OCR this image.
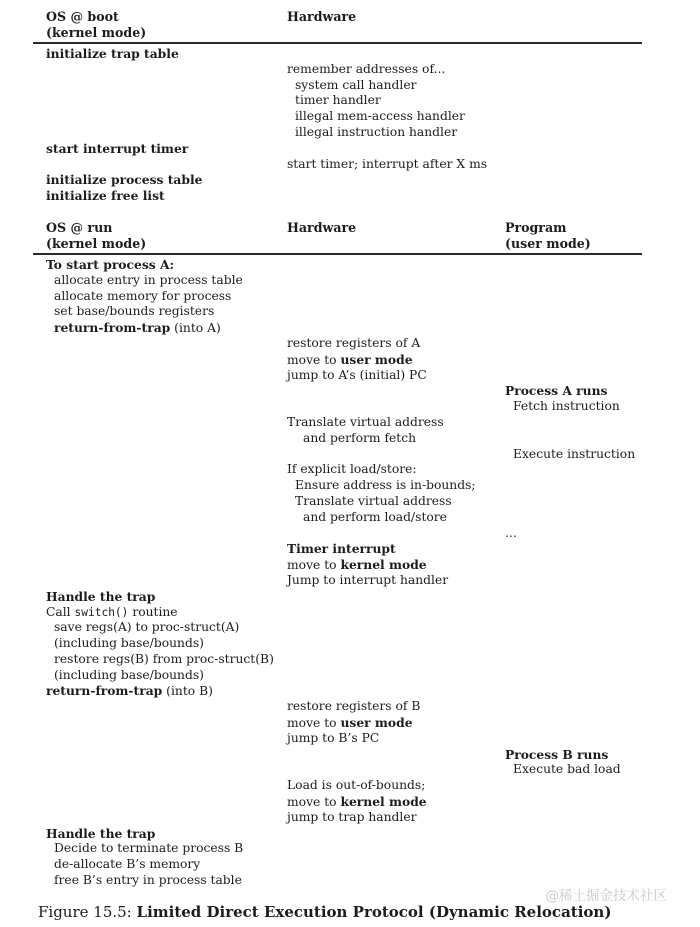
OS @ boot
(kernel mode)
Hardware
initialize trap table
remember addresses of...
system call handler
timer handler
illegal mem-access handler
illegal instruction handler
start interrupt timer
start timer; interrupt after X ms
initialize process table
initialize free list
OS @ run
(kernel mode)
Hardware	Program
(user mode)
To start process A:
allocate entry in process table
allocate memory for process
set base/bounds registers
return-from-trap (into A)
restore registers of A
move to user mode
jump to A’s (initial) PC
Process A runs
Fetch instruction
Translate virtual address
and perform fetch
Execute instruction
If explicit load/store:
Ensure address is in-bounds;
Translate virtual address
and perform load/store
...
Timer interrupt
move to kernel mode
Jump to interrupt handler
Handle the trap
Call switch() routine
save regs(A) to proc-struct(A)
(including base/bounds)
restore regs(B) from proc-struct(B)
(including base/bounds)
return-from-trap (into B)
restore registers of B
move to user mode
jump to B’s PC
Process B runs
Execute bad load
Load is out-of-bounds;
move to kernel mode
jump to trap handler
Handle the trap
Decide to terminate process B
de-allocate B’s memory
free B’s entry in process table
@稀土掘金技术社区
Figure 15.5: Limited Direct Execution Protocol (Dynamic Relocation)
